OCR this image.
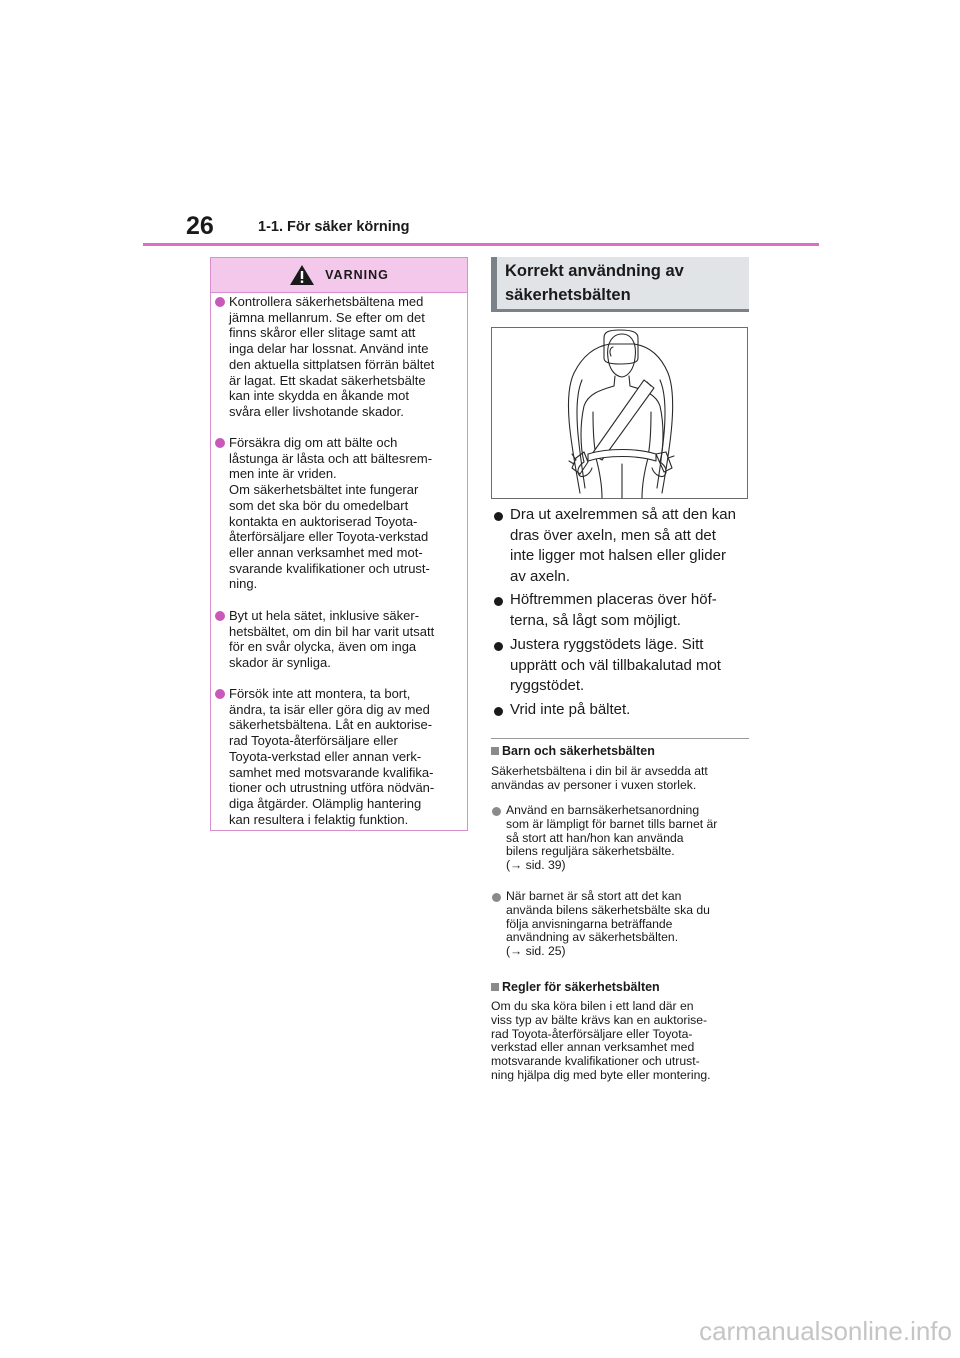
26	1-1. För säker körning
VARNING
Kontrollera säkerhetsbältena med
jämna mellanrum. Se efter om det
finns skåror eller slitage samt att
inga delar har lossnat. Använd inte
den aktuella sittplatsen förrän bältet
är lagat. Ett skadat säkerhetsbälte
kan inte skydda en åkande mot
svåra eller livshotande skador.
Försäkra dig om att bälte och
låstunga är låsta och att bältesrem-
men inte är vriden.
Om säkerhetsbältet inte fungerar
som det ska bör du omedelbart
kontakta en auktoriserad Toyota-
återförsäljare eller Toyota-verkstad
eller annan verksamhet med mot-
svarande kvalifikationer och utrust-
ning.
Byt ut hela sätet, inklusive säker-
hetsbältet, om din bil har varit utsatt
för en svår olycka, även om inga
skador är synliga.
Försök inte att montera, ta bort,
ändra, ta isär eller göra dig av med
säkerhetsbältena. Låt en auktorise-
rad Toyota-återförsäljare eller
Toyota-verkstad eller annan verk-
samhet med motsvarande kvalifika-
tioner och utrustning utföra nödvän-
diga åtgärder. Olämplig hantering
kan resultera i felaktig funktion.
Korrekt användning av
säkerhetsbälten
Dra ut axelremmen så att den kan
dras över axeln, men så att det
inte ligger mot halsen eller glider
av axeln.
Höftremmen placeras över höf-
terna, så lågt som möjligt.
Justera ryggstödets läge. Sitt
upprätt och väl tillbakalutad mot
ryggstödet.
Vrid inte på bältet.
Barn och säkerhetsbälten
Säkerhetsbältena i din bil är avsedda att
användas av personer i vuxen storlek.
Använd en barnsäkerhetsanordning
som är lämpligt för barnet tills barnet är
så stort att han/hon kan använda
bilens reguljära säkerhetsbälte.
(→ sid. 39)
När barnet är så stort att det kan
använda bilens säkerhetsbälte ska du
följa anvisningarna beträffande
användning av säkerhetsbälten.
(→ sid. 25)
Regler för säkerhetsbälten
Om du ska köra bilen i ett land där en
viss typ av bälte krävs kan en auktorise-
rad Toyota-återförsäljare eller Toyota-
verkstad eller annan verksamhet med
motsvarande kvalifikationer och utrust-
ning hjälpa dig med byte eller montering.
carmanualsonline.info
